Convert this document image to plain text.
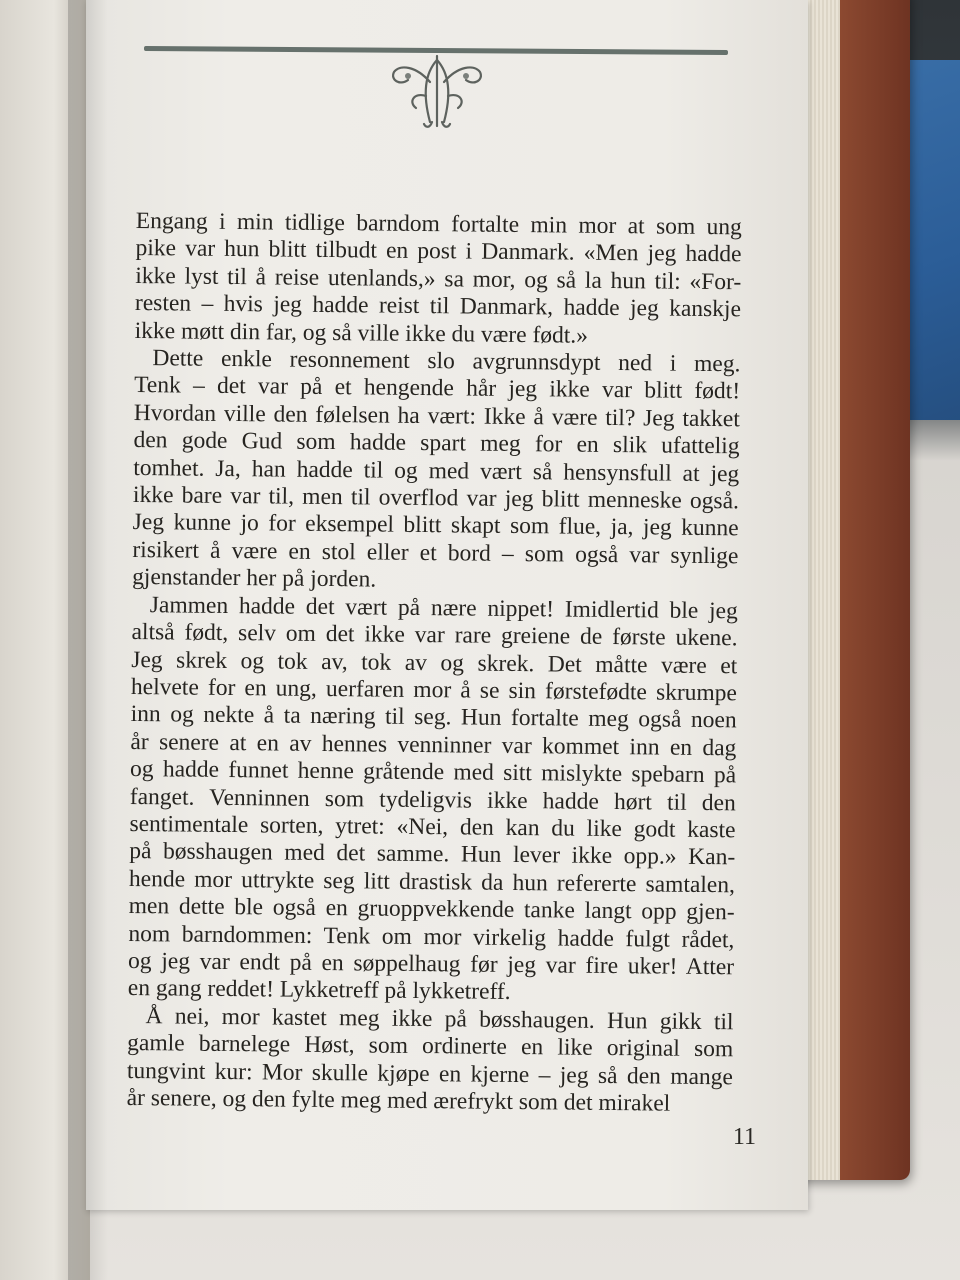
Engang i min tidlige barndom fortalte min mor at som ung

pike var hun blitt tilbudt en post i Danmark. «Men jeg hadde

ikke lyst til å reise utenlands,» sa mor, og så la hun til: «For-

resten – hvis jeg hadde reist til Danmark, hadde jeg kanskje

ikke møtt din far, og så ville ikke du være født.»

Dette enkle resonnement slo avgrunnsdypt ned i meg.

Tenk – det var på et hengende hår jeg ikke var blitt født!

Hvordan ville den følelsen ha vært: Ikke å være til? Jeg takket

den gode Gud som hadde spart meg for en slik ufattelig

tomhet. Ja, han hadde til og med vært så hensynsfull at jeg

ikke bare var til, men til overflod var jeg blitt menneske også.

Jeg kunne jo for eksempel blitt skapt som flue, ja, jeg kunne

risikert å være en stol eller et bord – som også var synlige

gjenstander her på jorden.

Jammen hadde det vært på nære nippet! Imidlertid ble jeg

altså født, selv om det ikke var rare greiene de første ukene.

Jeg skrek og tok av, tok av og skrek. Det måtte være et

helvete for en ung, uerfaren mor å se sin førstefødte skrumpe

inn og nekte å ta næring til seg. Hun fortalte meg også noen

år senere at en av hennes venninner var kommet inn en dag

og hadde funnet henne gråtende med sitt mislykte spebarn på

fanget. Venninnen som tydeligvis ikke hadde hørt til den

sentimentale sorten, ytret: «Nei, den kan du like godt kaste

på bøsshaugen med det samme. Hun lever ikke opp.» Kan-

hende mor uttrykte seg litt drastisk da hun refererte samtalen,

men dette ble også en gruoppvekkende tanke langt opp gjen-

nom barndommen: Tenk om mor virkelig hadde fulgt rådet,

og jeg var endt på en søppelhaug før jeg var fire uker! Atter

en gang reddet! Lykketreff på lykketreff.

Å nei, mor kastet meg ikke på bøsshaugen. Hun gikk til

gamle barnelege Høst, som ordinerte en like original som

tungvint kur: Mor skulle kjøpe en kjerne – jeg så den mange

år senere, og den fylte meg med ærefrykt som det mirakel

11
